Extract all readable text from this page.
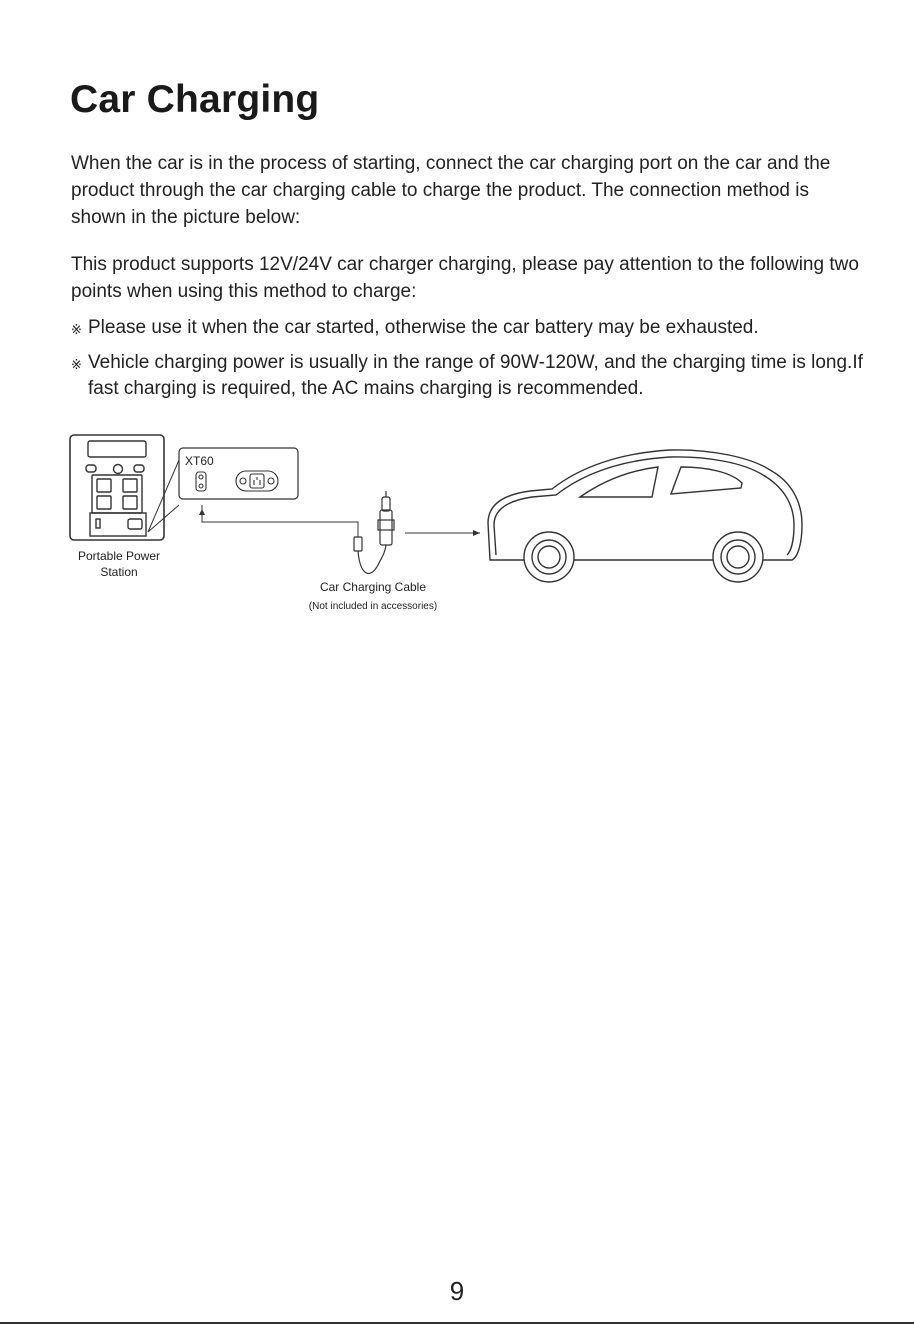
Car Charging

When the car is in the process of starting, connect the car charging port on the car and the product through the car charging cable to charge the product. The connection method is shown in the picture below:

This product supports 12V/24V car charger charging, please pay attention to the following two points when using this method to charge:

※ Please use it when the car started, otherwise the car battery may be exhausted.
※ Vehicle charging power is usually in the range of 90W-120W, and the charging time is long.If fast charging is required, the AC mains charging is recommended.
XT60
Portable Power
Station
Car Charging Cable
(Not included in accessories)
9
